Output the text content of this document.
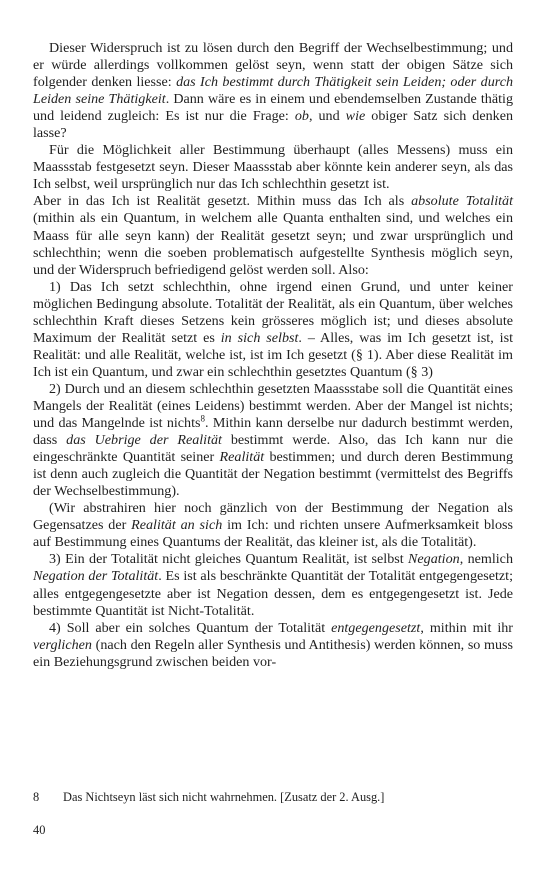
Dieser Widerspruch ist zu lösen durch den Begriff der Wechselbestimmung; und er würde allerdings vollkommen gelöst seyn, wenn statt der obigen Sätze sich folgender denken liesse: das Ich bestimmt durch Thätigkeit sein Leiden; oder durch Leiden seine Thätigkeit. Dann wäre es in einem und ebendemselben Zustande thätig und leidend zugleich: Es ist nur die Frage: ob, und wie obiger Satz sich denken lasse?

Für die Möglichkeit aller Bestimmung überhaupt (alles Messens) muss ein Maassstab festgesetzt seyn. Dieser Maassstab aber könnte kein anderer seyn, als das Ich selbst, weil ursprünglich nur das Ich schlechthin gesetzt ist.

Aber in das Ich ist Realität gesetzt. Mithin muss das Ich als absolute Totalität (mithin als ein Quantum, in welchem alle Quanta enthalten sind, und welches ein Maass für alle seyn kann) der Realität gesetzt seyn; und zwar ursprünglich und schlechthin; wenn die soeben problematisch aufgestellte Synthesis möglich seyn, und der Widerspruch befriedigend gelöst werden soll. Also:

1) Das Ich setzt schlechthin, ohne irgend einen Grund, und unter keiner möglichen Bedingung absolute. Totalität der Realität, als ein Quantum, über welches schlechthin Kraft dieses Setzens kein grösseres möglich ist; und dieses absolute Maximum der Realität setzt es in sich selbst. – Alles, was im Ich gesetzt ist, ist Realität: und alle Realität, welche ist, ist im Ich gesetzt (§ 1). Aber diese Realität im Ich ist ein Quantum, und zwar ein schlechthin gesetztes Quantum (§ 3)

2) Durch und an diesem schlechthin gesetzten Maassstabe soll die Quantität eines Mangels der Realität (eines Leidens) bestimmt werden. Aber der Mangel ist nichts; und das Mangelnde ist nichts$^8$. Mithin kann derselbe nur dadurch bestimmt werden, dass das Uebrige der Realität bestimmt werde. Also, das Ich kann nur die eingeschränkte Quantität seiner Realität bestimmen; und durch deren Bestimmung ist denn auch zugleich die Quantität der Negation bestimmt (vermittelst des Begriffs der Wechselbestimmung).

(Wir abstrahiren hier noch gänzlich von der Bestimmung der Negation als Gegensatzes der Realität an sich im Ich: und richten unsere Aufmerksamkeit bloss auf Bestimmung eines Quantums der Realität, das kleiner ist, als die Totalität).

3) Ein der Totalität nicht gleiches Quantum Realität, ist selbst Negation, nemlich Negation der Totalität. Es ist als beschränkte Quantität der Totalität entgegengesetzt; alles entgegengesetzte aber ist Negation dessen, dem es entgegengesetzt ist. Jede bestimmte Quantität ist Nicht-Totalität.

4) Soll aber ein solches Quantum der Totalität entgegengesetzt, mithin mit ihr verglichen (nach den Regeln aller Synthesis und Antithesis) werden können, so muss ein Beziehungsgrund zwischen beiden vor-

8 Das Nichtseyn läst sich nicht wahrnehmen. [Zusatz der 2. Ausg.]
40
